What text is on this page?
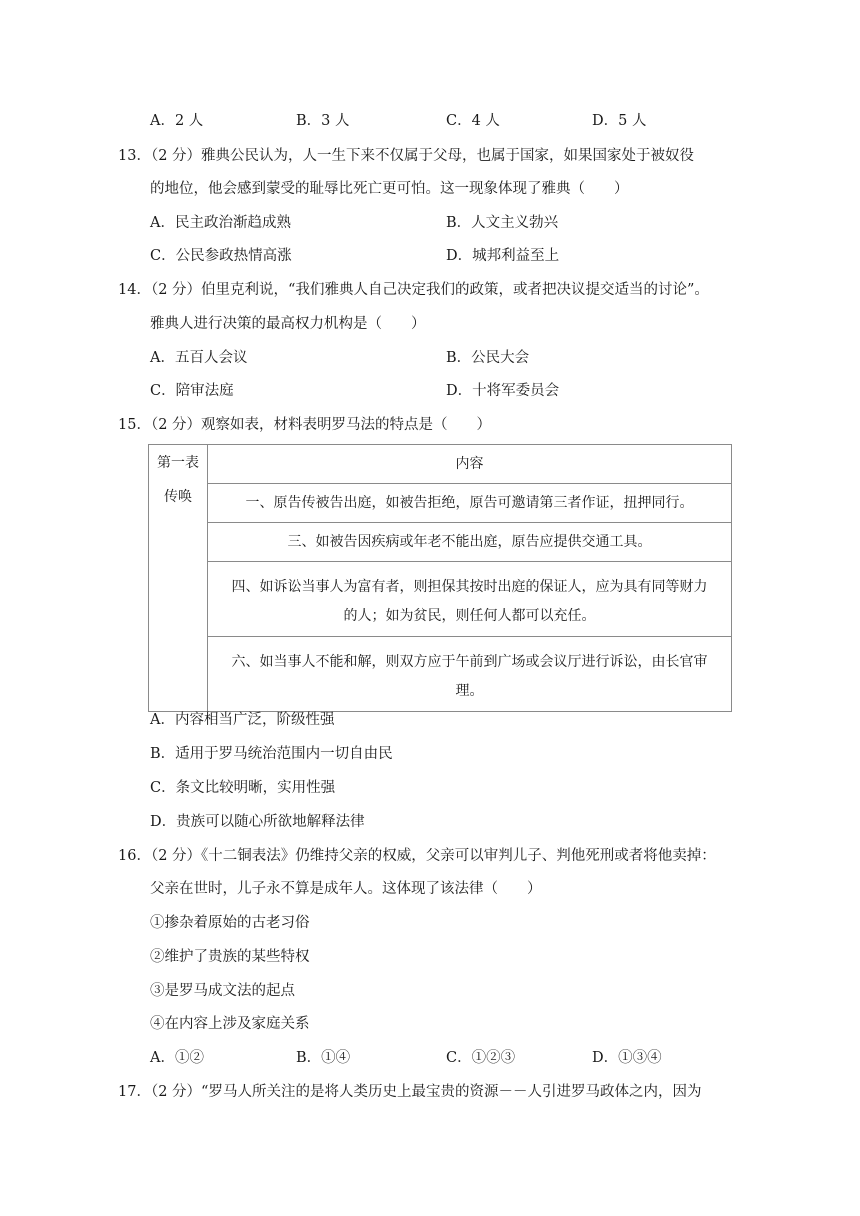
A．2 人	B．3 人	C．4 人	D．5 人
13．（2 分）雅典公民认为，人一生下来不仅属于父母，也属于国家，如果国家处于被奴役
的地位，他会感到蒙受的耻辱比死亡更可怕。这一现象体现了雅典（　　）
A．民主政治渐趋成熟	B．人文主义勃兴
C．公民参政热情高涨	D．城邦利益至上
14．（2 分）伯里克利说，“我们雅典人自己决定我们的政策，或者把决议提交适当的讨论”。
雅典人进行决策的最高权力机构是（　　）
A．五百人会议	B．公民大会
C．陪审法庭	D．十将军委员会
15．（2 分）观察如表，材料表明罗马法的特点是（　　）
第一表
传唤
	内容
一、原告传被告出庭，如被告拒绝，原告可邀请第三者作证，扭押同行。
三、如被告因疾病或年老不能出庭，原告应提供交通工具。

四、如诉讼当事人为富有者，则担保其按时出庭的保证人，应为具有同等财力
的人；如为贫民，则任何人都可以充任。

六、如当事人不能和解，则双方应于午前到广场或会议厅进行诉讼，由长官审
理。
A．内容相当广泛，阶级性强
B．适用于罗马统治范围内一切自由民
C．条文比较明晰，实用性强
D．贵族可以随心所欲地解释法律
16．（2 分）《十二铜表法》仍维持父亲的权威，父亲可以审判儿子、判他死刑或者将他卖掉：
父亲在世时，儿子永不算是成年人。这体现了该法律（　　）
①掺杂着原始的古老习俗
②维护了贵族的某些特权
③是罗马成文法的起点
④在内容上涉及家庭关系
A．①②	B．①④	C．①②③	D．①③④
17．（2 分）“罗马人所关注的是将人类历史上最宝贵的资源－－人引进罗马政体之内，因为
